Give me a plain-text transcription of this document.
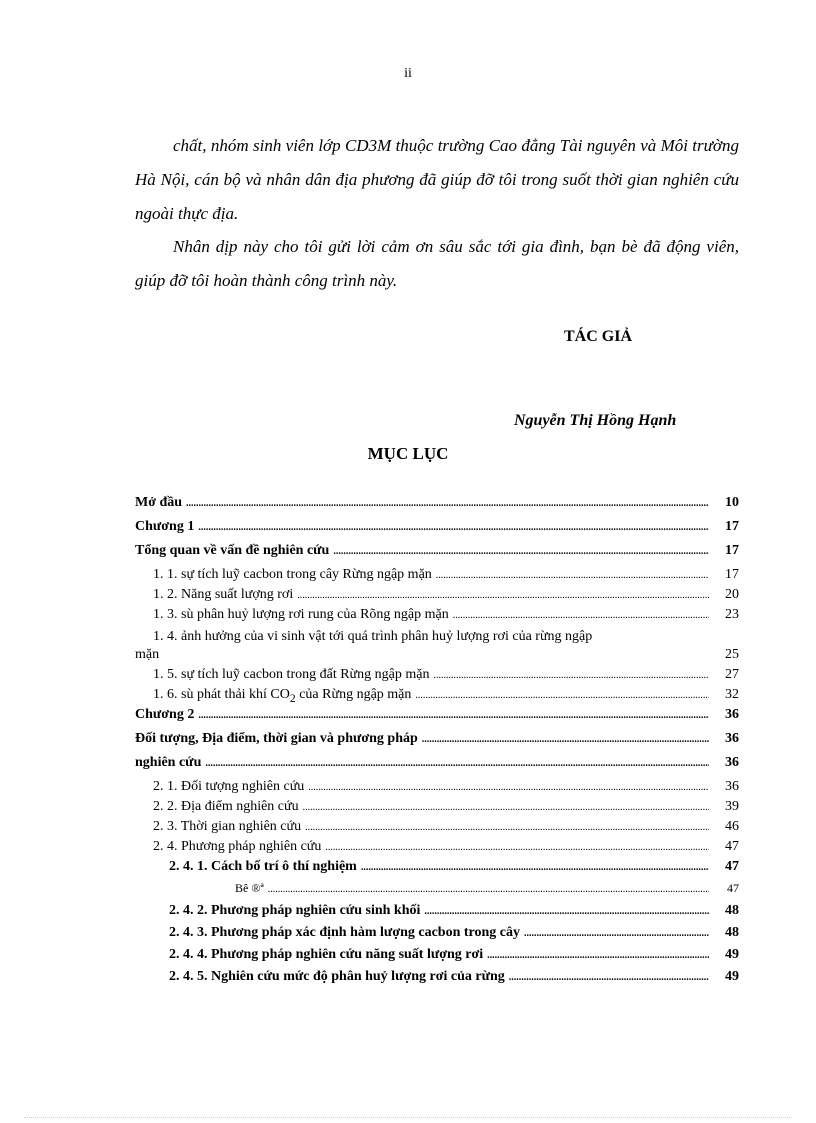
ii

chất, nhóm sinh viên lớp CD3M thuộc trường Cao đẳng Tài nguyên và Môi trường Hà Nội, cán bộ và nhân dân địa phương đã giúp đỡ tôi trong suốt thời gian nghiên cứu ngoài thực địa.

Nhân dịp này cho tôi gửi lời cảm ơn sâu sắc tới gia đình, bạn bè đã động viên, giúp đỡ tôi hoàn thành công trình này.

TÁC GIẢ
Nguyễn Thị Hồng Hạnh
MỤC LỤC
Mở đầu .....	10
Chương 1 .....	17
Tổng quan về vấn đề nghiên cứu .....	17
1. 1. sự tích luỹ cacbon trong cây Rừng ngập mặn .....	17
1. 2. Năng suất lượng rơi .....	20
1. 3. sù phân huỷ lượng rơi rung của Rõng ngập mặn .....	23
1. 4. ảnh hưởng của vi sinh vật tới quá trình phân huỷ lượng rơi của rừng ngập
mặn	25
1. 5. sự tích luỹ cacbon trong đất Rừng ngập mặn .....	27
1. 6. sù phát thải khí $CO_2$ của Rừng ngập mặn .....	32
Chương 2 .....	36
Đối tượng, Địa điểm, thời gian và phương pháp .....	36
nghiên cứu .....	36
2. 1. Đối tượng nghiên cứu .....	36
2. 2. Địa điểm nghiên cứu .....	39
2. 3. Thời gian nghiên cứu .....	46
2. 4. Phương pháp nghiên cứu .....	47
2. 4. 1. Cách bố trí ô thí nghiệm .....	47
Bê ®ª .....	47
2. 4. 2. Phương pháp nghiên cứu sinh khối .....	48
2. 4. 3. Phương pháp xác định hàm lượng cacbon trong cây .....	48
2. 4. 4. Phương pháp nghiên cứu năng suất lượng rơi .....	49
2. 4. 5. Nghiên cứu mức độ phân huỷ lượng rơi của rừng .....	49
